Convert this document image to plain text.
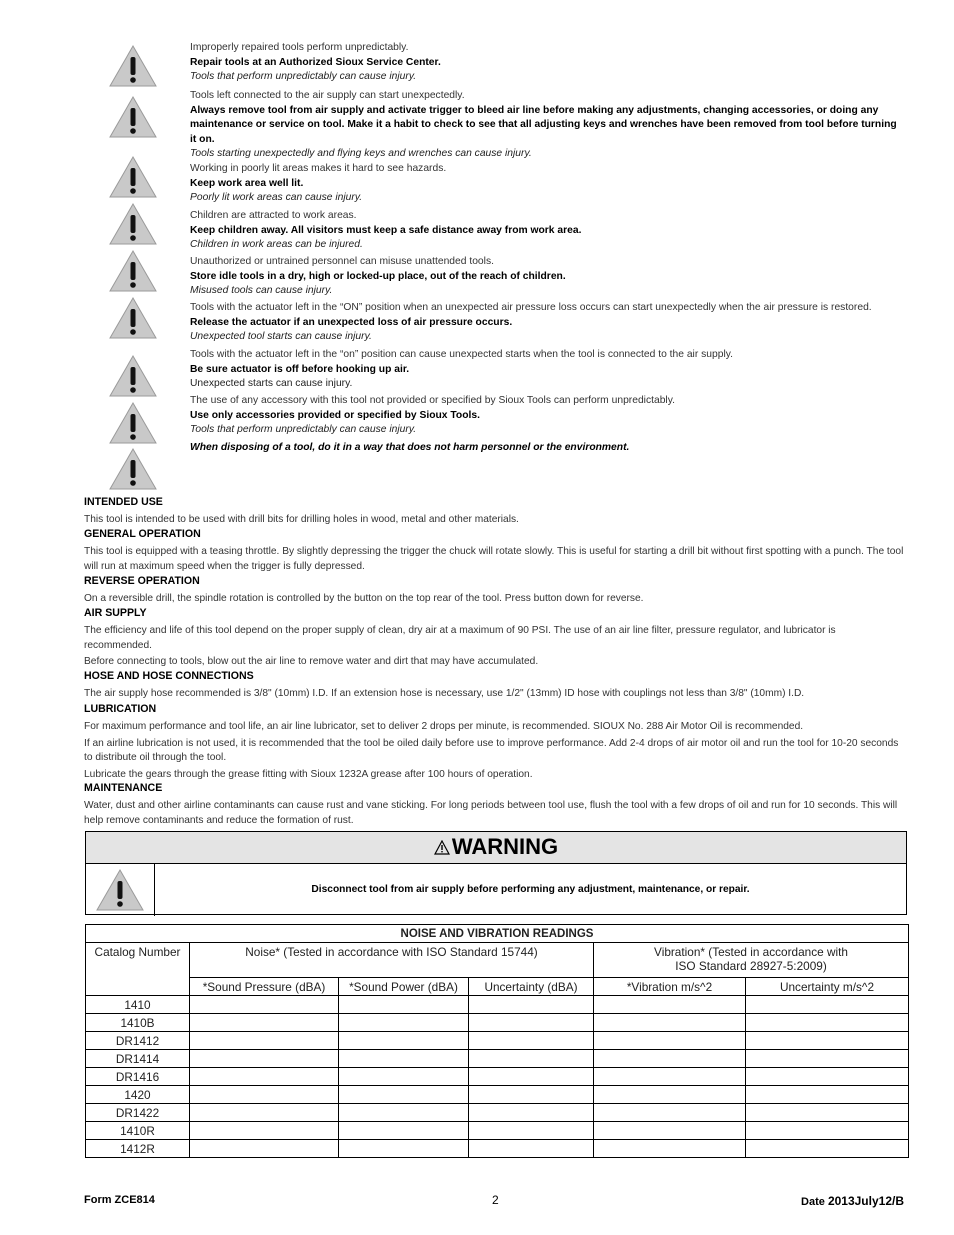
Improperly repaired tools perform unpredictably.
Repair tools at an Authorized Sioux Service Center.
Tools that perform unpredictably can cause injury.
Tools left connected to the air supply can start unexpectedly.
Always remove tool from air supply and activate trigger to bleed air line before making any adjustments, changing accessories, or doing any maintenance or service on tool. Make it a habit to check to see that all adjusting keys and wrenches have been removed from tool before turning it on.
Tools starting unexpectedly and flying keys and wrenches can cause injury.
Working in poorly lit areas makes it hard to see hazards.
Keep work area well lit.
Poorly lit work areas can cause injury.
Children are attracted to work areas.
Keep children away. All visitors must keep a safe distance away from work area.
Children in work areas can be injured.
Unauthorized or untrained personnel can misuse unattended tools.
Store idle tools in a dry, high or locked-up place, out of the reach of children.
Misused tools can cause injury.
Tools with the actuator left in the “ON” position when an unexpected air pressure loss occurs can start unexpectedly when the air pressure is restored.
Release the actuator if an unexpected loss of air pressure occurs.
Unexpected tool starts can cause injury.
Tools with the actuator left in the “on” position can cause unexpected starts when the tool is connected to the air supply.
Be sure actuator is off before hooking up air.
Unexpected starts can cause injury.
The use of any accessory with this tool not provided or specified by Sioux Tools can perform unpredictably.
Use only accessories provided or specified by Sioux Tools.
Tools that perform unpredictably can cause injury.
When disposing of a tool, do it in a way that does not harm personnel or the environment.
INTENDED USE

This tool is intended to be used with drill bits for drilling holes in wood, metal and other materials.

GENERAL OPERATION

This tool is equipped with a teasing throttle. By slightly depressing the trigger the chuck will rotate slowly. This is useful for starting a drill bit without first spotting with a punch. The tool will run at maximum speed when the trigger is fully depressed.

REVERSE OPERATION

On a reversible drill, the spindle rotation is controlled by the button on the top rear of the tool. Press button down for reverse.

AIR SUPPLY

The efficiency and life of this tool depend on the proper supply of clean, dry air at a maximum of 90 PSI. The use of an air line filter, pressure regulator, and lubricator is recommended.

Before connecting to tools, blow out the air line to remove water and dirt that may have accumulated.

HOSE AND HOSE CONNECTIONS

The air supply hose recommended is 3/8" (10mm) I.D. If an extension hose is necessary, use 1/2" (13mm) ID hose with couplings not less than 3/8" (10mm) I.D.

LUBRICATION

For maximum performance and tool life, an air line lubricator, set to deliver 2 drops per minute, is recommended. SIOUX No. 288 Air Motor Oil is recommended.

If an airline lubrication is not used, it is recommended that the tool be oiled daily before use to improve performance. Add 2-4 drops of air motor oil and run the tool for 10-20 seconds to distribute oil through the tool.

Lubricate the gears through the grease fitting with Sioux 1232A grease after 100 hours of operation.

MAINTENANCE

Water, dust and other airline contaminants can cause rust and vane sticking. For long periods between tool use, flush the tool with a few drops of oil and run for 10 seconds. This will help remove contaminants and reduce the formation of rust.

WARNING
Disconnect tool from air supply before performing any adjustment, maintenance, or repair.
NOISE AND VIBRATION READINGS					
Catalog Number	Noise* (Tested in accordance with ISO Standard 15744)			Vibration* (Tested in accordance with
ISO Standard 28927-5:2009)	
	*Sound Pressure (dBA)	*Sound Power (dBA)	Uncertainty (dBA)	*Vibration m/s^2	Uncertainty m/s^2
1410					
1410B					
DR1412					
DR1414					
DR1416					
1420					
DR1422					
1410R					
1412R					
Form ZCE814	2	Date 2013July12/B
